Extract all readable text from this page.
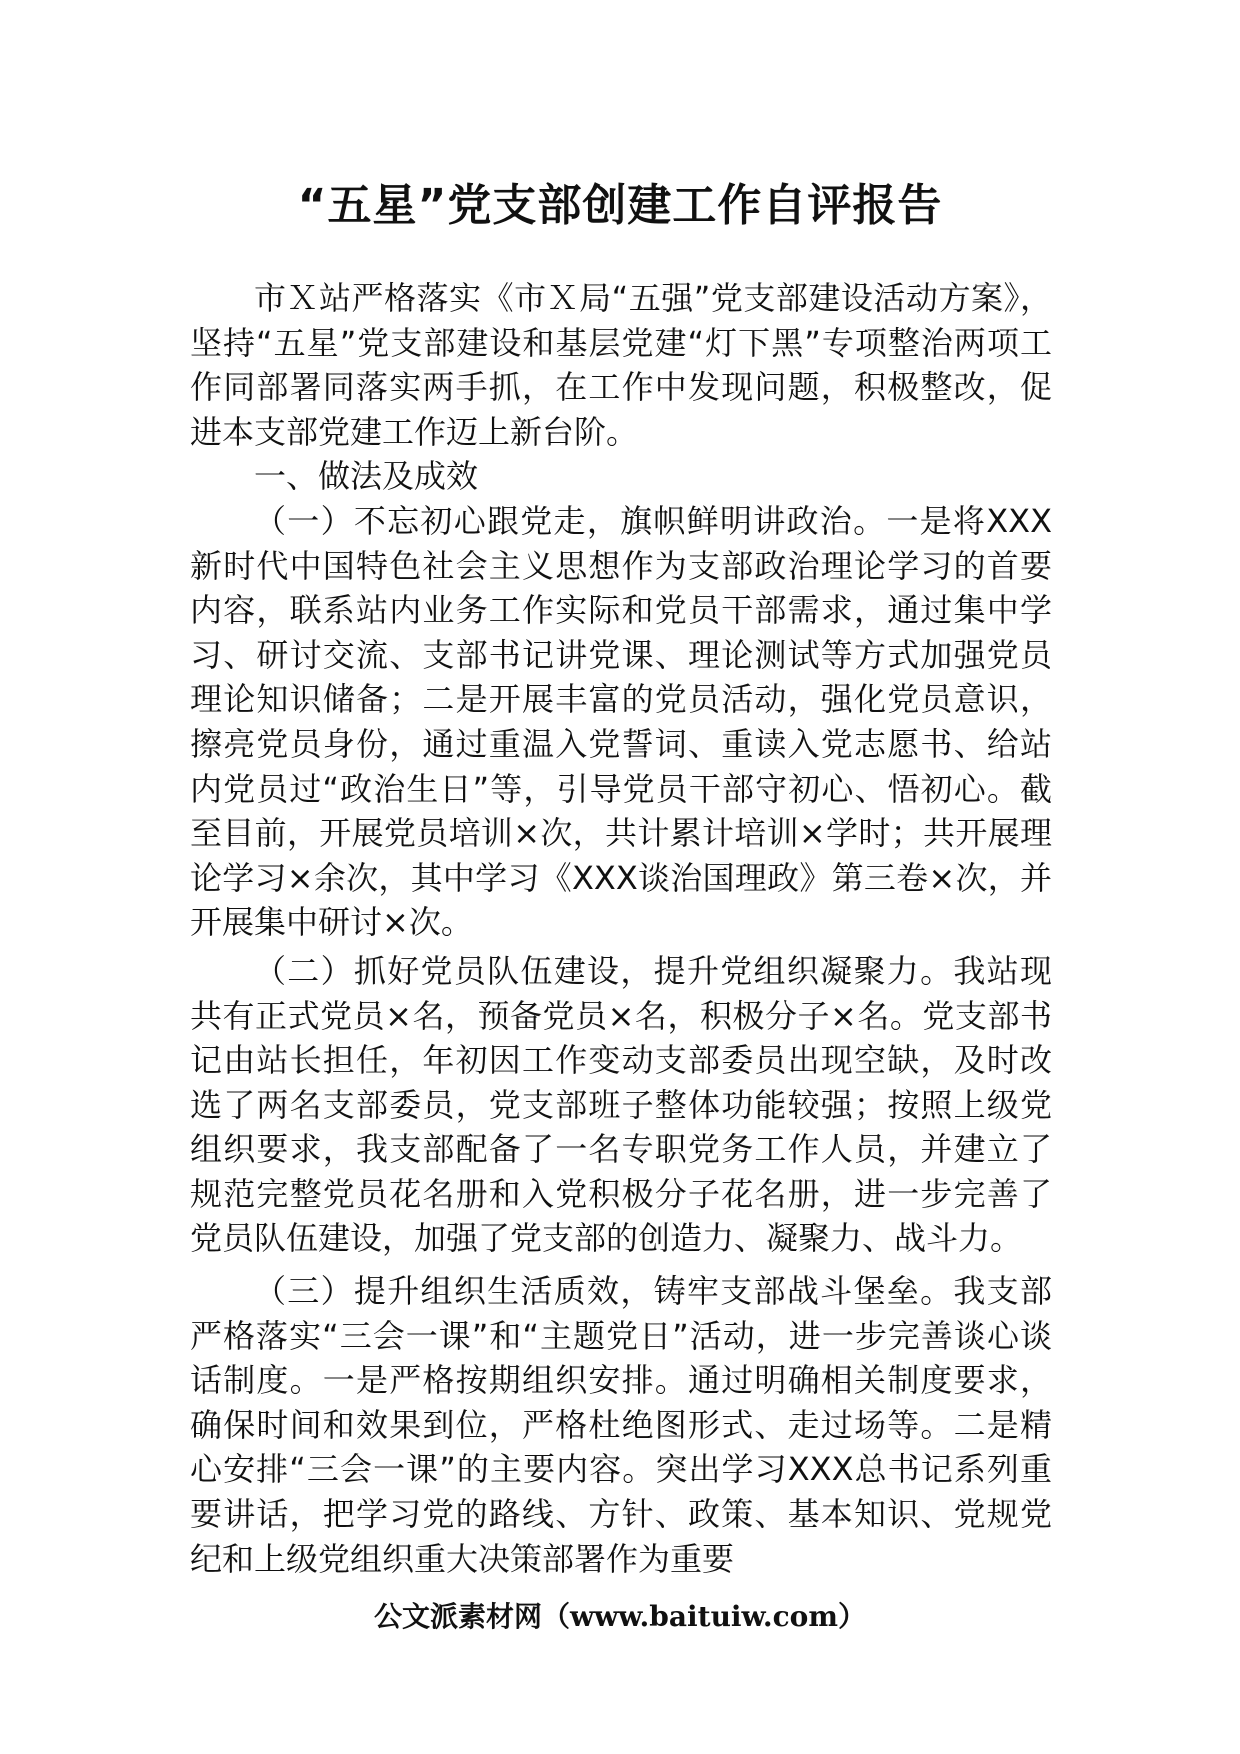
“五星”党支部创建工作自评报告

市Ｘ站严格落实《市Ｘ局“五强”党支部建设活动方案》，坚持“五星”党支部建设和基层党建“灯下黑”专项整治两项工作同部署同落实两手抓，在工作中发现问题，积极整改，促进本支部党建工作迈上新台阶。

一、做法及成效

（一）不忘初心跟党走，旗帜鲜明讲政治。一是将XXX新时代中国特色社会主义思想作为支部政治理论学习的首要内容，联系站内业务工作实际和党员干部需求，通过集中学习、研讨交流、支部书记讲党课、理论测试等方式加强党员理论知识储备；二是开展丰富的党员活动，强化党员意识，擦亮党员身份，通过重温入党誓词、重读入党志愿书、给站内党员过“政治生日”等，引导党员干部守初心、悟初心。截至目前，开展党员培训×次，共计累计培训×学时；共开展理论学习×余次，其中学习《XXX谈治国理政》第三卷×次，并开展集中研讨×次。

（二）抓好党员队伍建设，提升党组织凝聚力。我站现共有正式党员×名，预备党员×名，积极分子×名。党支部书记由站长担任，年初因工作变动支部委员出现空缺，及时改选了两名支部委员，党支部班子整体功能较强；按照上级党组织要求，我支部配备了一名专职党务工作人员，并建立了规范完整党员花名册和入党积极分子花名册，进一步完善了党员队伍建设，加强了党支部的创造力、凝聚力、战斗力。

（三）提升组织生活质效，铸牢支部战斗堡垒。我支部严格落实“三会一课”和“主题党日”活动，进一步完善谈心谈话制度。一是严格按期组织安排。通过明确相关制度要求，确保时间和效果到位，严格杜绝图形式、走过场等。二是精心安排“三会一课”的主要内容。突出学习XXX总书记系列重要讲话，把学习党的路线、方针、政策、基本知识、党规党纪和上级党组织重大决策部署作为重要

公文派素材网（www.baituiw.com）
